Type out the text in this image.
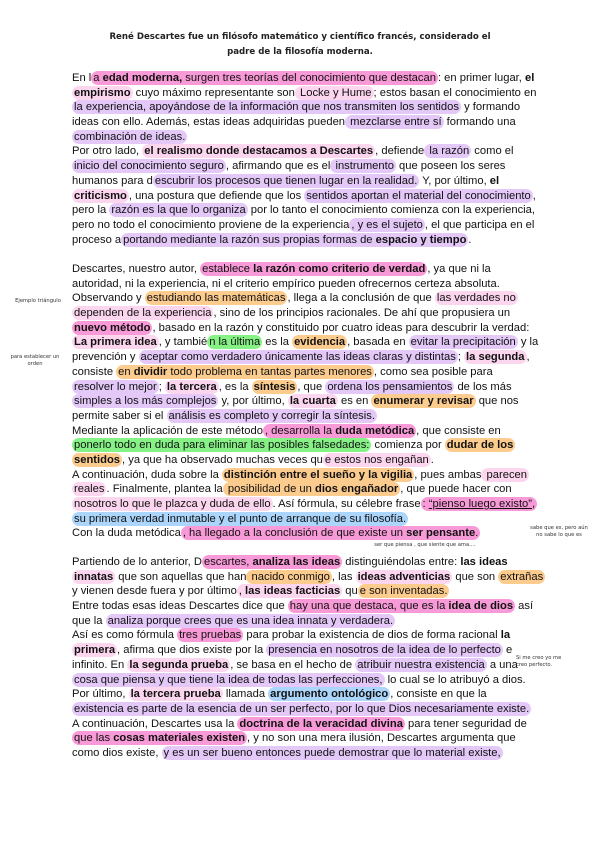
René Descartes fue un filósofo matemático y científico francés, considerado el
padre de la filosofía moderna.
En l a edad moderna, surgen tres teorías del conocimiento que destacan : en primer lugar, el
empirismo cuyo máximo representante son Locke y Hume ; estos basan el conocimiento en
la experiencia, apoyándose de la información que nos transmiten los sentidos y formando
ideas con ello. Además, estas ideas adquiridas pueden mezclarse entre sí formando una
combinación de ideas.
Por otro lado, el realismo donde destacamos a Descartes , defiende la razón como el
inicio del conocimiento seguro , afirmando que es el instrumento que poseen los seres
humanos para d escubrir los procesos que tienen lugar en la realidad. Y, por último, el
criticismo , una postura que defiende que los sentidos aportan el material del conocimiento ,
pero la razón es la que lo organiza por lo tanto el conocimiento comienza con la experiencia,
pero no todo el conocimiento proviene de la experiencia , y es el sujeto , el que participa en el
proceso a portando mediante la razón sus propias formas de espacio y tiempo .
Descartes, nuestro autor, establece la razón como criterio de verdad , ya que ni la
autoridad, ni la experiencia, ni el criterio empírico pueden ofrecernos certeza absoluta.
Observando y estudiando las matemáticas , llega a la conclusión de que las verdades no
dependen de la experiencia , sino de los principios racionales. De ahí que propusiera un
nuevo método , basado en la razón y constituido por cuatro ideas para descubrir la verdad:
La primera idea , y tambié n la última es la evidencia , basada en evitar la precipitación y la
prevención y aceptar como verdadero únicamente las ideas claras y distintas ; la segunda ,
consiste en dividir todo problema en tantas partes menores , como sea posible para
resolver lo mejor ; la tercera , es la síntesis , que ordena los pensamientos de los más
simples a los más complejos y, por último, la cuarta es en enumerar y revisar que nos
permite saber si el análisis es completo y corregir la síntesis.
Mediante la aplicación de este método , desarrolla la duda metódica , que consiste en
ponerlo todo en duda para eliminar las posibles falsedades: comienza por dudar de los
sentidos , ya que ha observado muchas veces qu e estos nos engañan .
A continuación, duda sobre la distinción entre el sueño y la vigilia , pues ambas parecen
reales . Finalmente, plantea la posibilidad de un dios engañador , que puede hacer con
nosotros lo que le plazca y duda de ello . Así fórmula, su célebre frase : “pienso luego existo”,
su primera verdad inmutable y el punto de arranque de su filosofía.
Con la duda metódica , ha llegado a la conclusión de que existe un ser pensante.
Partiendo de lo anterior, D escartes, analiza las ideas distinguiéndolas entre: las ideas
innatas que son aquellas que han nacido conmigo , las ideas adventicias que son extrañas
y vienen desde fuera y por último , las ideas facticias qu e son inventadas.
Entre todas esas ideas Descartes dice que hay una que destaca, que es la idea de dios así
que la analiza porque crees que es una idea innata y verdadera.
Así es como fórmula tres pruebas para probar la existencia de dios de forma racional la
primera , afirma que dios existe por la presencia en nosotros de la idea de lo perfecto e
infinito. En la segunda prueba , se basa en el hecho de atribuir nuestra existencia a una
cosa que piensa y que tiene la idea de todas las perfecciones, lo cual se lo atribuyó a dios.
Por último, la tercera prueba llamada argumento ontológico , consiste en que la
existencia es parte de la esencia de un ser perfecto, por lo que Dios necesariamente existe.
A continuación, Descartes usa la doctrina de la veracidad divina para tener seguridad de
que las cosas materiales existen , y no son una mera ilusión, Descartes argumenta que
como dios existe, y es un ser bueno entonces puede demostrar que lo material existe,
Ejemplo triángulo
para establecer un orden
sabe que es, pero aún no sabe lo que es
ser que piensa , que siente que ama....
Si me creo yo me creo perfecto.
